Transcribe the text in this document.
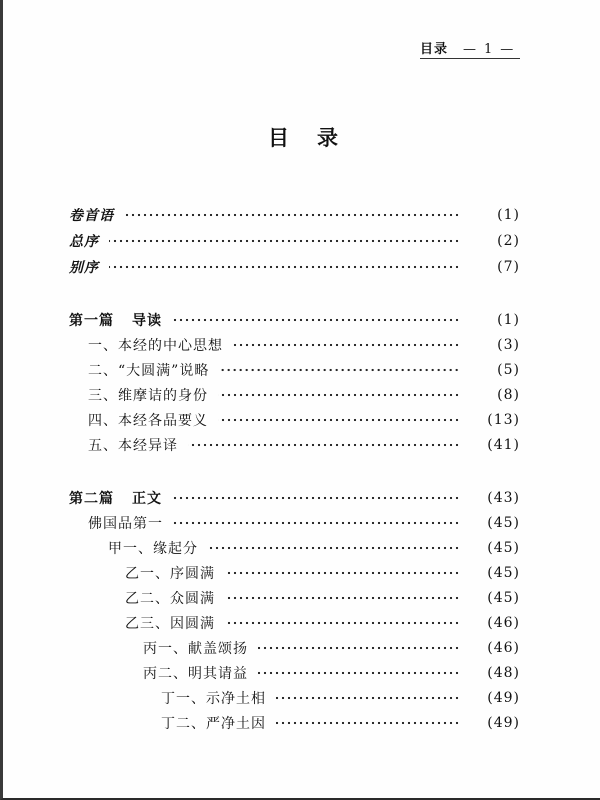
目录 — 1 —
目录
卷首语	(1)
总序	(2)
别序	(7)
第一篇 导读	(1)
一、本经的中心思想	(3)
二、“大圆满”说略	(5)
三、维摩诘的身份	(8)
四、本经各品要义	(13)
五、本经异译	(41)
第二篇 正文	(43)
佛国品第一	(45)
甲一、缘起分	(45)
乙一、序圆满	(45)
乙二、众圆满	(45)
乙三、因圆满	(46)
丙一、献盖颂扬	(46)
丙二、明其请益	(48)
丁一、示净土相	(49)
丁二、严净土因	(49)
